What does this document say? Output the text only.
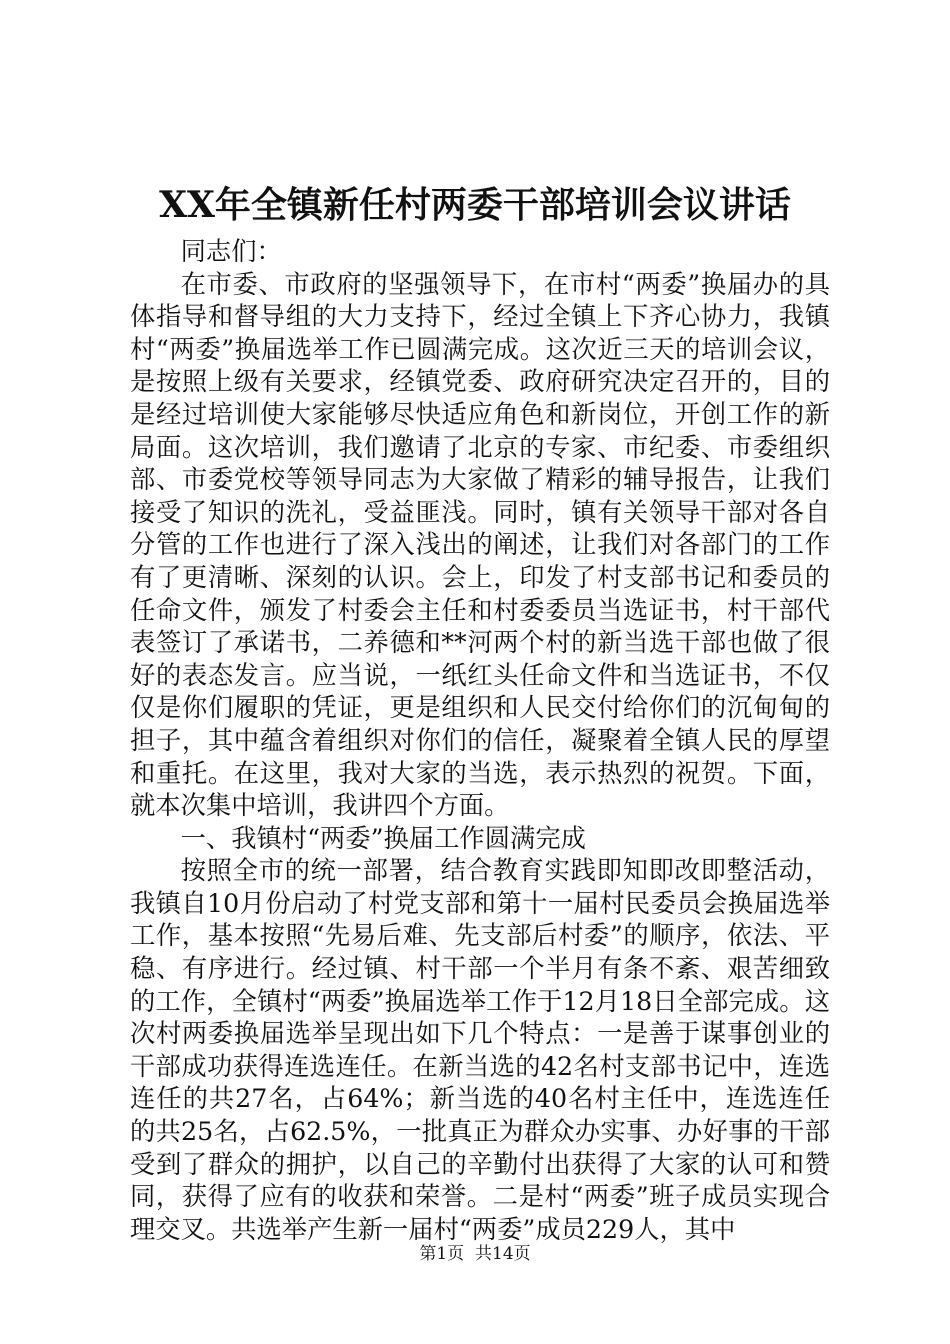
XX年全镇新任村两委干部培训会议讲话

同志们：

在市委、市政府的坚强领导下，在市村“两委”换届办的具体指导和督导组的大力支持下，经过全镇上下齐心协力，我镇村“两委”换届选举工作已圆满完成。这次近三天的培训会议，是按照上级有关要求，经镇党委、政府研究决定召开的，目的是经过培训使大家能够尽快适应角色和新岗位，开创工作的新局面。这次培训，我们邀请了北京的专家、市纪委、市委组织部、市委党校等领导同志为大家做了精彩的辅导报告，让我们接受了知识的洗礼，受益匪浅。同时，镇有关领导干部对各自分管的工作也进行了深入浅出的阐述，让我们对各部门的工作有了更清晰、深刻的认识。会上，印发了村支部书记和委员的任命文件，颁发了村委会主任和村委委员当选证书，村干部代表签订了承诺书，二养德和**河两个村的新当选干部也做了很好的表态发言。应当说，一纸红头任命文件和当选证书，不仅仅是你们履职的凭证，更是组织和人民交付给你们的沉甸甸的担子，其中蕴含着组织对你们的信任，凝聚着全镇人民的厚望和重托。在这里，我对大家的当选，表示热烈的祝贺。下面，就本次集中培训，我讲四个方面。

一、我镇村“两委”换届工作圆满完成

按照全市的统一部署，结合教育实践即知即改即整活动，我镇自10月份启动了村党支部和第十一届村民委员会换届选举工作，基本按照“先易后难、先支部后村委”的顺序，依法、平稳、有序进行。经过镇、村干部一个半月有条不紊、艰苦细致的工作，全镇村“两委”换届选举工作于12月18日全部完成。这次村两委换届选举呈现出如下几个特点：一是善于谋事创业的干部成功获得连选连任。在新当选的42名村支部书记中，连选连任的共27名，占64%；新当选的40名村主任中，连选连任的共25名，占62.5%，一批真正为群众办实事、办好事的干部受到了群众的拥护，以自己的辛勤付出获得了大家的认可和赞同，获得了应有的收获和荣誉。二是村“两委”班子成员实现合理交叉。共选举产生新一届村“两委”成员229人，其中

第1页 共14页
